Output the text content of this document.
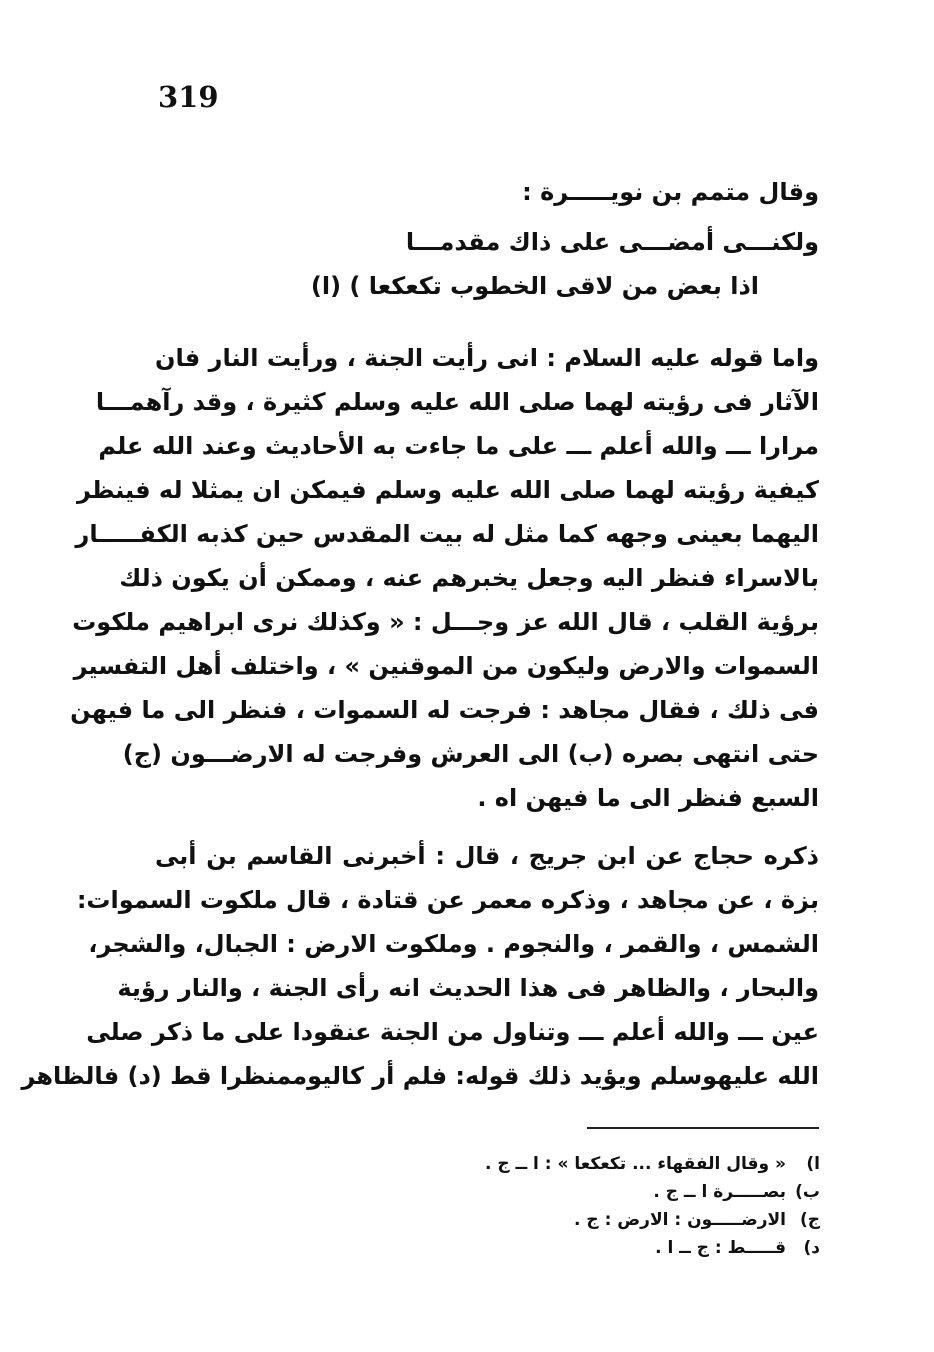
319
وقال متمم بن نويـــــرة :
ولكنـــى أمضـــى على ذاك مقدمـــا
اذا بعض من لاقى الخطوب تكعكعا ) (ا)
واما قوله عليه السلام : انى رأيت الجنة ، ورأيت النار فان
الآثار فى رؤيته لهما صلى الله عليه وسلم كثيرة ، وقد رآهمـــا
مرارا ـــ والله أعلم ـــ على ما جاءت به الأحاديث وعند الله علم
كيفية رؤيته لهما صلى الله عليه وسلم فيمكن ان يمثلا له فينظر
اليهما بعينى وجهه كما مثل له بيت المقدس حين كذبه الكفـــــار
بالاسراء فنظر اليه وجعل يخبرهم عنه ، وممكن أن يكون ذلك
برؤية القلب ، قال الله عز وجـــل : « وكذلك نرى ابراهيم ملكوت
السموات والارض وليكون من الموقنين » ، واختلف أهل التفسير
فى ذلك ، فقال مجاهد : فرجت له السموات ، فنظر الى ما فيهن
حتى انتهى بصره (ب) الى العرش وفرجت له الارضـــون (ج)
السبع فنظر الى ما فيهن اه .
ذكره حجاج عن ابن جريج ، قال : أخبرنى القاسم بن أبى
بزة ، عن مجاهد ، وذكره معمر عن قتادة ، قال ملكوت السموات:
الشمس ، والقمر ، والنجوم . وملكوت الارض : الجبال، والشجر،
والبحار ، والظاهر فى هذا الحديث انه رأى الجنة ، والنار رؤية
عين ـــ والله أعلم ـــ وتناول من الجنة عنقودا على ما ذكر صلى
الله عليهوسلم ويؤيد ذلك قوله: فلم أر كاليوممنظرا قط (د) فالظاهر
ا)« وقال الفقهاء ... تكعكعا » : ا ــ ج .
ب)بصـــــرة ا ــ ج .
ج)الارضـــــون : الارض : ج .
د)قـــــط : ج ــ ا .
